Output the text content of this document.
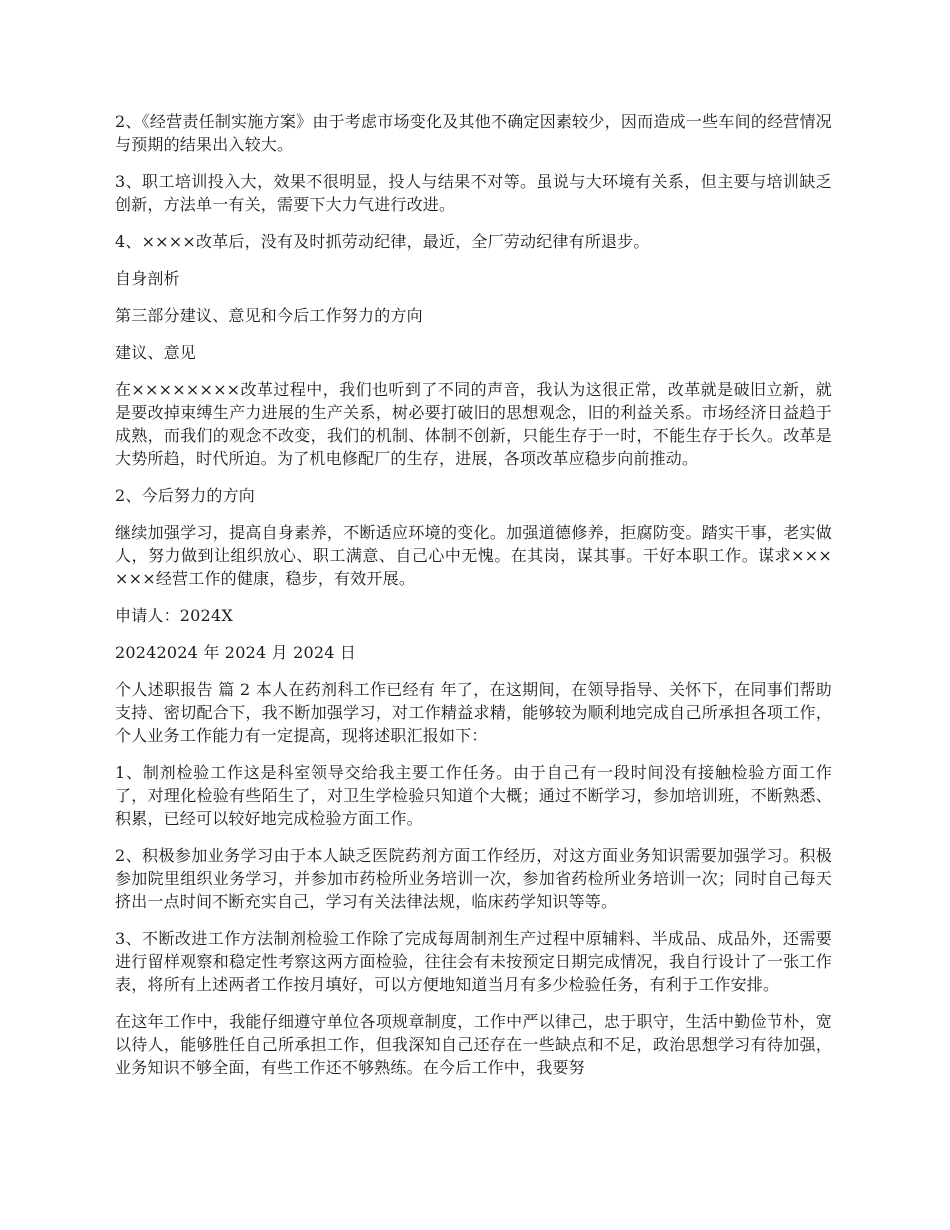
2、《经营责任制实施方案》由于考虑市场变化及其他不确定因素较少，因而造成一些车间的经营情况与预期的结果出入较大。

3、职工培训投入大，效果不很明显，投人与结果不对等。虽说与大环境有关系，但主要与培训缺乏创新，方法单一有关，需要下大力气进行改进。

4、××××改革后，没有及时抓劳动纪律，最近，全厂劳动纪律有所退步。

自身剖析

第三部分建议、意见和今后工作努力的方向

建议、意见

在××××××××改革过程中，我们也听到了不同的声音，我认为这很正常，改革就是破旧立新，就是要改掉束缚生产力进展的生产关系，树必要打破旧的思想观念，旧的利益关系。市场经济日益趋于成熟，而我们的观念不改变，我们的机制、体制不创新，只能生存于一时，不能生存于长久。改革是大势所趋，时代所迫。为了机电修配厂的生存，进展，各项改革应稳步向前推动。

2、今后努力的方向

继续加强学习，提高自身素养，不断适应环境的变化。加强道德修养，拒腐防变。踏实干事，老实做人，努力做到让组织放心、职工满意、自己心中无愧。在其岗，谋其事。干好本职工作。谋求××××××经营工作的健康，稳步，有效开展。

申请人：2024X

20242024 年 2024 月 2024 日

个人述职报告 篇 2 本人在药剂科工作已经有 年了，在这期间，在领导指导、关怀下，在同事们帮助支持、密切配合下，我不断加强学习，对工作精益求精，能够较为顺利地完成自己所承担各项工作，个人业务工作能力有一定提高，现将述职汇报如下：

1、制剂检验工作这是科室领导交给我主要工作任务。由于自己有一段时间没有接触检验方面工作了，对理化检验有些陌生了，对卫生学检验只知道个大概；通过不断学习，参加培训班，不断熟悉、积累，已经可以较好地完成检验方面工作。

2、积极参加业务学习由于本人缺乏医院药剂方面工作经历，对这方面业务知识需要加强学习。积极参加院里组织业务学习，并参加市药检所业务培训一次，参加省药检所业务培训一次；同时自己每天挤出一点时间不断充实自己，学习有关法律法规，临床药学知识等等。

3、不断改进工作方法制剂检验工作除了完成每周制剂生产过程中原辅料、半成品、成品外，还需要进行留样观察和稳定性考察这两方面检验，往往会有未按预定日期完成情况，我自行设计了一张工作表，将所有上述两者工作按月填好，可以方便地知道当月有多少检验任务，有利于工作安排。

在这年工作中，我能仔细遵守单位各项规章制度，工作中严以律己，忠于职守，生活中勤俭节朴，宽以待人，能够胜任自己所承担工作，但我深知自己还存在一些缺点和不足，政治思想学习有待加强，业务知识不够全面，有些工作还不够熟练。在今后工作中，我要努
